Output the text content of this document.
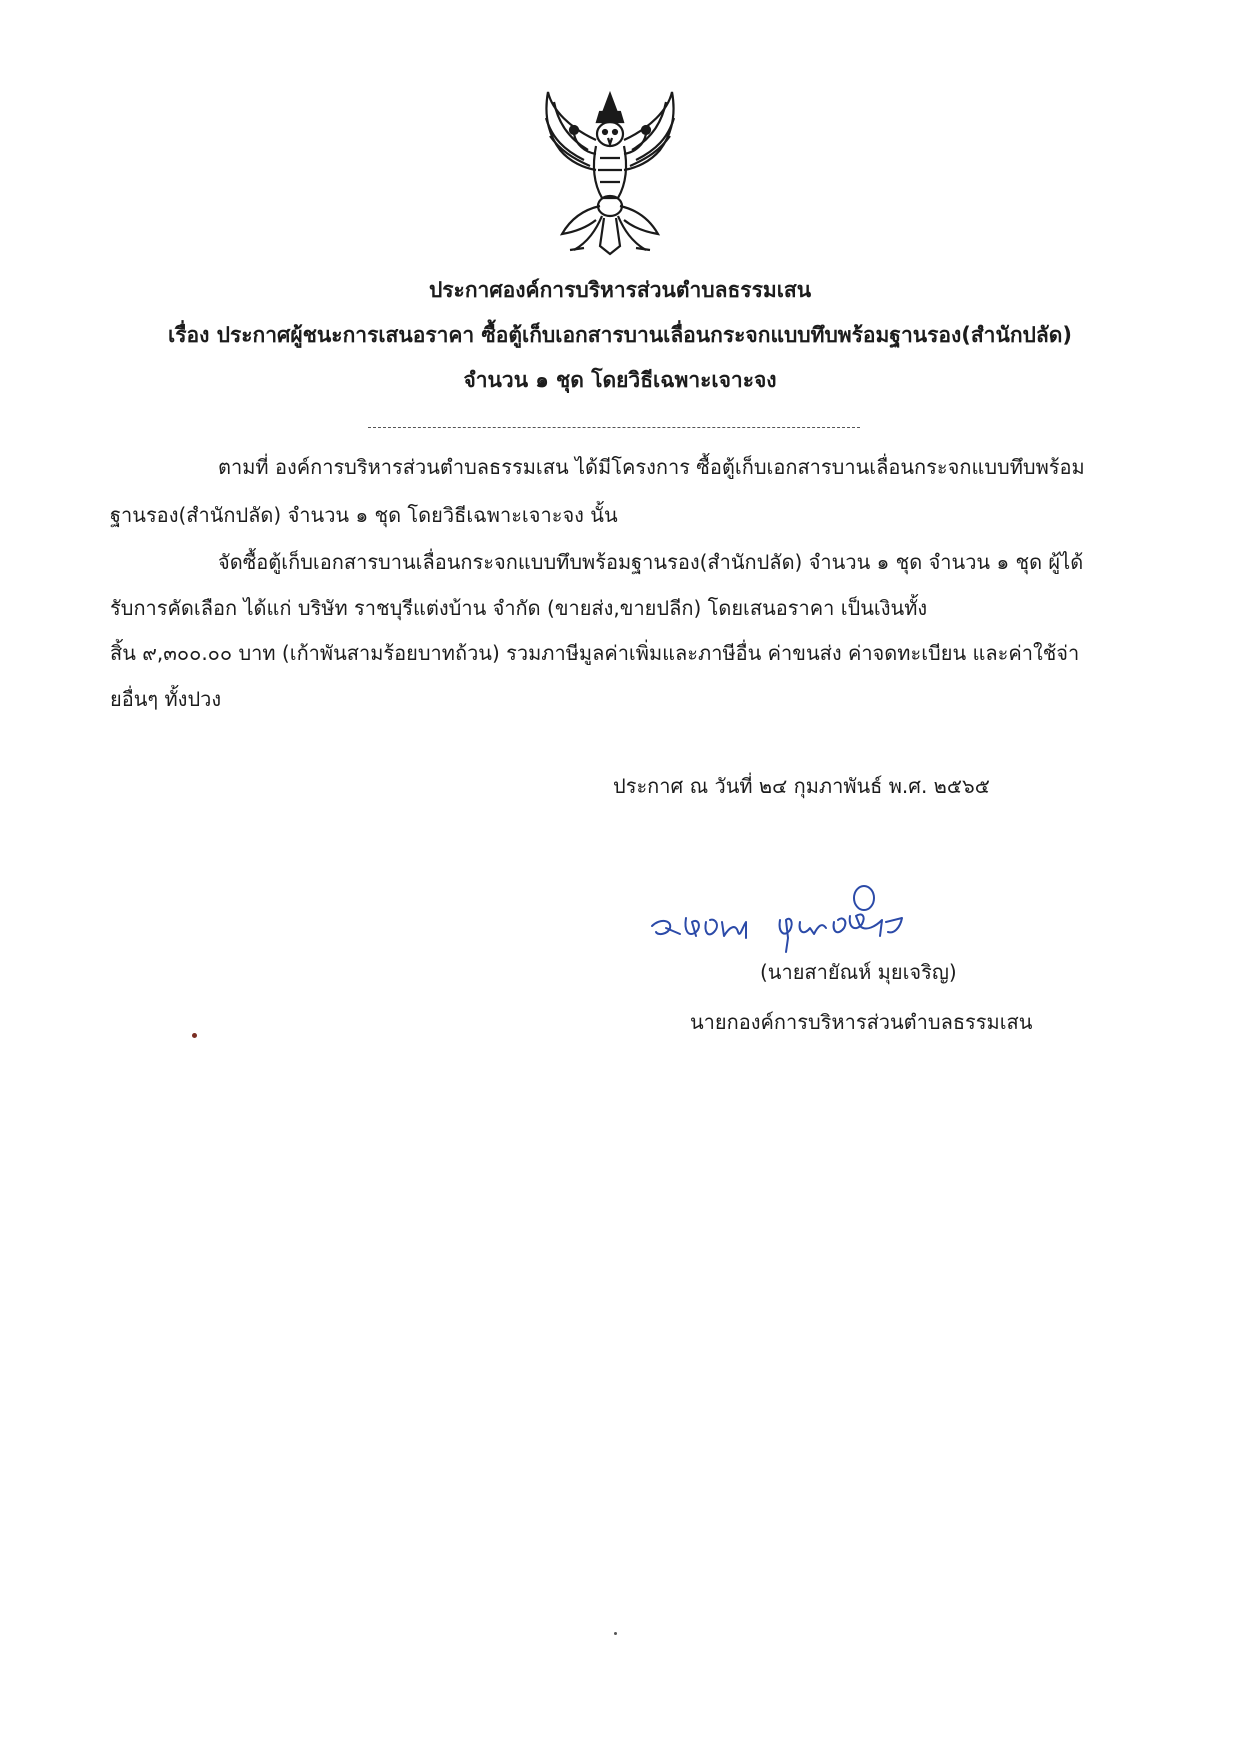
ประกาศองค์การบริหารส่วนตำบลธรรมเสน
เรื่อง ประกาศผู้ชนะการเสนอราคา ซื้อตู้เก็บเอกสารบานเลื่อนกระจกแบบทึบพร้อมฐานรอง(สำนักปลัด)
จำนวน ๑ ชุด โดยวิธีเฉพาะเจาะจง
ตามที่ องค์การบริหารส่วนตำบลธรรมเสน ได้มีโครงการ ซื้อตู้เก็บเอกสารบานเลื่อนกระจกแบบทึบพร้อม
ฐานรอง(สำนักปลัด) จำนวน ๑ ชุด โดยวิธีเฉพาะเจาะจง นั้น
จัดซื้อตู้เก็บเอกสารบานเลื่อนกระจกแบบทึบพร้อมฐานรอง(สำนักปลัด) จำนวน ๑ ชุด จำนวน ๑ ชุด ผู้ได้
รับการคัดเลือก ได้แก่ บริษัท ราชบุรีแต่งบ้าน จำกัด (ขายส่ง,ขายปลีก) โดยเสนอราคา เป็นเงินทั้ง
สิ้น ๙,๓๐๐.๐๐ บาท (เก้าพันสามร้อยบาทถ้วน) รวมภาษีมูลค่าเพิ่มและภาษีอื่น ค่าขนส่ง ค่าจดทะเบียน และค่าใช้จ่า
ยอื่นๆ ทั้งปวง
ประกาศ ณ วันที่ ๒๔ กุมภาพันธ์ พ.ศ. ๒๕๖๕
(นายสายัณห์ มุยเจริญ)
นายกองค์การบริหารส่วนตำบลธรรมเสน
